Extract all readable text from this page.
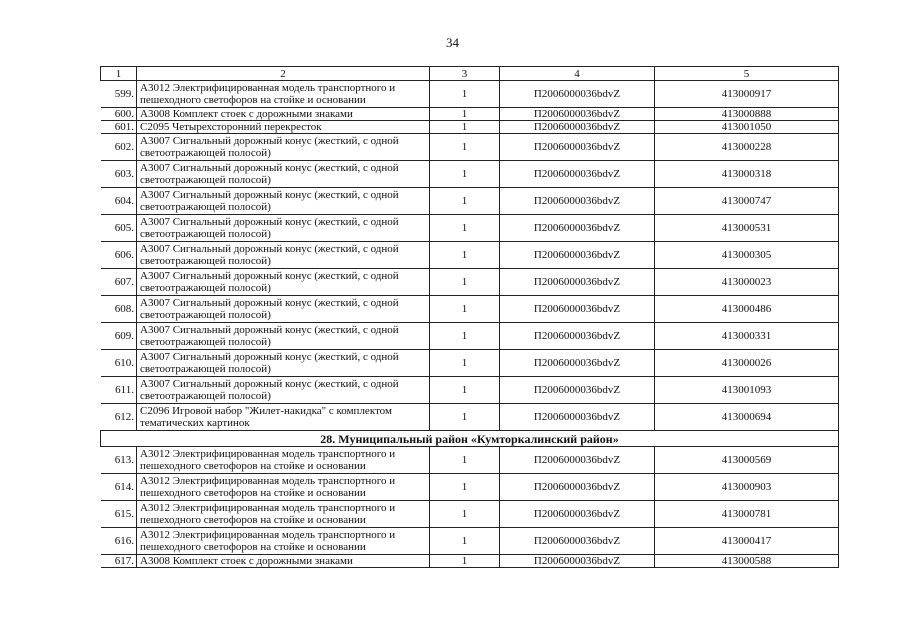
34
1	2	3	4	5
599.	А3012 Электрифицированная модель транспортного и пешеходного светофоров на стойке и основании	1	П2006000036bdvZ	413000917
600.	А3008 Комплект стоек с дорожными знаками	1	П2006000036bdvZ	413000888
601.	С2095 Четырехсторонний перекресток	1	П2006000036bdvZ	413001050
602.	А3007 Сигнальный дорожный конус (жесткий, с одной светоотражающей полосой)	1	П2006000036bdvZ	413000228
603.	А3007 Сигнальный дорожный конус (жесткий, с одной светоотражающей полосой)	1	П2006000036bdvZ	413000318
604.	А3007 Сигнальный дорожный конус (жесткий, с одной светоотражающей полосой)	1	П2006000036bdvZ	413000747
605.	А3007 Сигнальный дорожный конус (жесткий, с одной светоотражающей полосой)	1	П2006000036bdvZ	413000531
606.	А3007 Сигнальный дорожный конус (жесткий, с одной светоотражающей полосой)	1	П2006000036bdvZ	413000305
607.	А3007 Сигнальный дорожный конус (жесткий, с одной светоотражающей полосой)	1	П2006000036bdvZ	413000023
608.	А3007 Сигнальный дорожный конус (жесткий, с одной светоотражающей полосой)	1	П2006000036bdvZ	413000486
609.	А3007 Сигнальный дорожный конус (жесткий, с одной светоотражающей полосой)	1	П2006000036bdvZ	413000331
610.	А3007 Сигнальный дорожный конус (жесткий, с одной светоотражающей полосой)	1	П2006000036bdvZ	413000026
611.	А3007 Сигнальный дорожный конус (жесткий, с одной светоотражающей полосой)	1	П2006000036bdvZ	413001093
612.	С2096 Игровой набор "Жилет-накидка" с комплектом тематических картинок	1	П2006000036bdvZ	413000694
28. Муниципальный район «Кумторкалинский район»				
613.	А3012 Электрифицированная модель транспортного и пешеходного светофоров на стойке и основании	1	П2006000036bdvZ	413000569
614.	А3012 Электрифицированная модель транспортного и пешеходного светофоров на стойке и основании	1	П2006000036bdvZ	413000903
615.	А3012 Электрифицированная модель транспортного и пешеходного светофоров на стойке и основании	1	П2006000036bdvZ	413000781
616.	А3012 Электрифицированная модель транспортного и пешеходного светофоров на стойке и основании	1	П2006000036bdvZ	413000417
617.	А3008 Комплект стоек с дорожными знаками	1	П2006000036bdvZ	413000588
